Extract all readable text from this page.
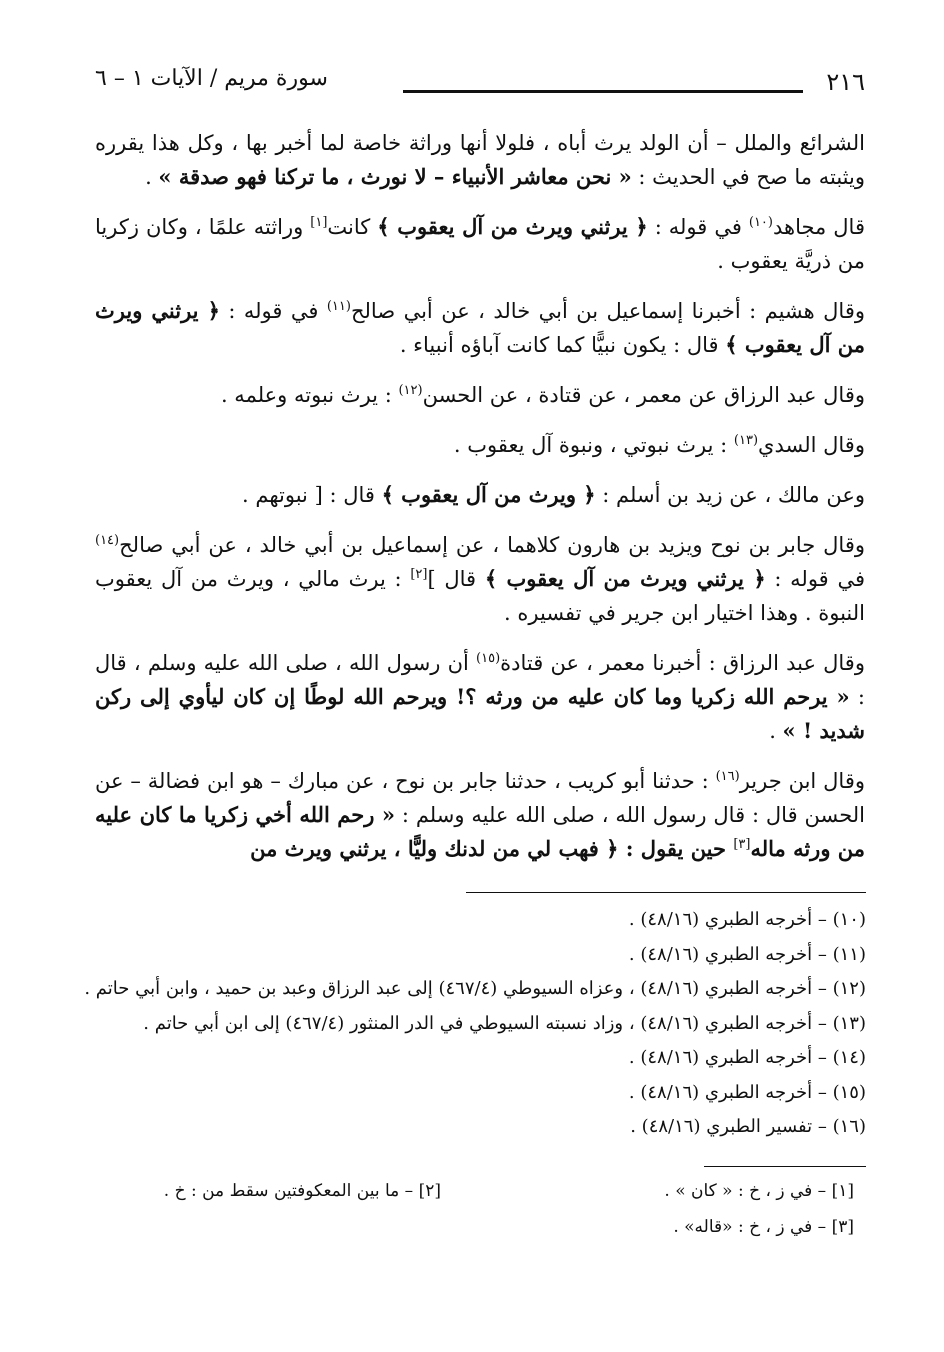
٢١٦
سورة مريم / الآيات ١ – ٦

الشرائع والملل – أن الولد يرث أباه ، فلولا أنها وراثة خاصة لما أخبر بها ، وكل هذا يقرره ويثبته ما صح في الحديث : « نحن معاشر الأنبياء – لا نورث ، ما تركنا فهو صدقة » .

قال مجاهد$^{(١٠)}$ في قوله : ﴿ يرثني ويرث من آل يعقوب ﴾ كانت[١] وراثته علمًا ، وكان زكريا من ذريَّة يعقوب .

وقال هشيم : أخبرنا إسماعيل بن أبي خالد ، عن أبي صالح$^{(١١)}$ في قوله : ﴿ يرثني ويرث من آل يعقوب ﴾ قال : يكون نبيًّا كما كانت آباؤه أنبياء .

وقال عبد الرزاق عن معمر ، عن قتادة ، عن الحسن$^{(١٢)}$ : يرث نبوته وعلمه .

وقال السدي$^{(١٣)}$ : يرث نبوتي ، ونبوة آل يعقوب .

وعن مالك ، عن زيد بن أسلم : ﴿ ويرث من آل يعقوب ﴾ قال : [ نبوتهم .

وقال جابر بن نوح ويزيد بن هارون كلاهما ، عن إسماعيل بن أبي خالد ، عن أبي صالح$^{(١٤)}$ في قوله : ﴿ يرثني ويرث من آل يعقوب ﴾ قال ][٢] : يرث مالي ، ويرث من آل يعقوب النبوة . وهذا اختيار ابن جرير في تفسيره .

وقال عبد الرزاق : أخبرنا معمر ، عن قتادة$^{(١٥)}$ أن رسول الله ، صلى الله عليه وسلم ، قال : « يرحم الله زكريا وما كان عليه من ورثه ؟! ويرحم الله لوطًا إن كان ليأوي إلى ركن شديد ! » .

وقال ابن جرير$^{(١٦)}$ : حدثنا أبو كريب ، حدثنا جابر بن نوح ، عن مبارك – هو ابن فضالة – عن الحسن قال : قال رسول الله ، صلى الله عليه وسلم : « رحم الله أخي زكريا ما كان عليه من ورثه ماله[٣] حين يقول : ﴿ فهب لي من لدنك وليًّا ، يرثني ويرث من

(١٠) – أخرجه الطبري (٤٨/١٦) .
(١١) – أخرجه الطبري (٤٨/١٦) .
(١٢) – أخرجه الطبري (٤٨/١٦) ، وعزاه السيوطي (٤٦٧/٤) إلى عبد الرزاق وعبد بن حميد ، وابن أبي حاتم .
(١٣) – أخرجه الطبري (٤٨/١٦) ، وزاد نسبته السيوطي في الدر المنثور (٤٦٧/٤) إلى ابن أبي حاتم .
(١٤) – أخرجه الطبري (٤٨/١٦) .
(١٥) – أخرجه الطبري (٤٨/١٦) .
(١٦) – تفسير الطبري (٤٨/١٦) .
[١] – في ز ، خ : « كان » .
[٢] – ما بين المعكوفتين سقط من : خ .
[٣] – في ز ، خ : «قاله» .
